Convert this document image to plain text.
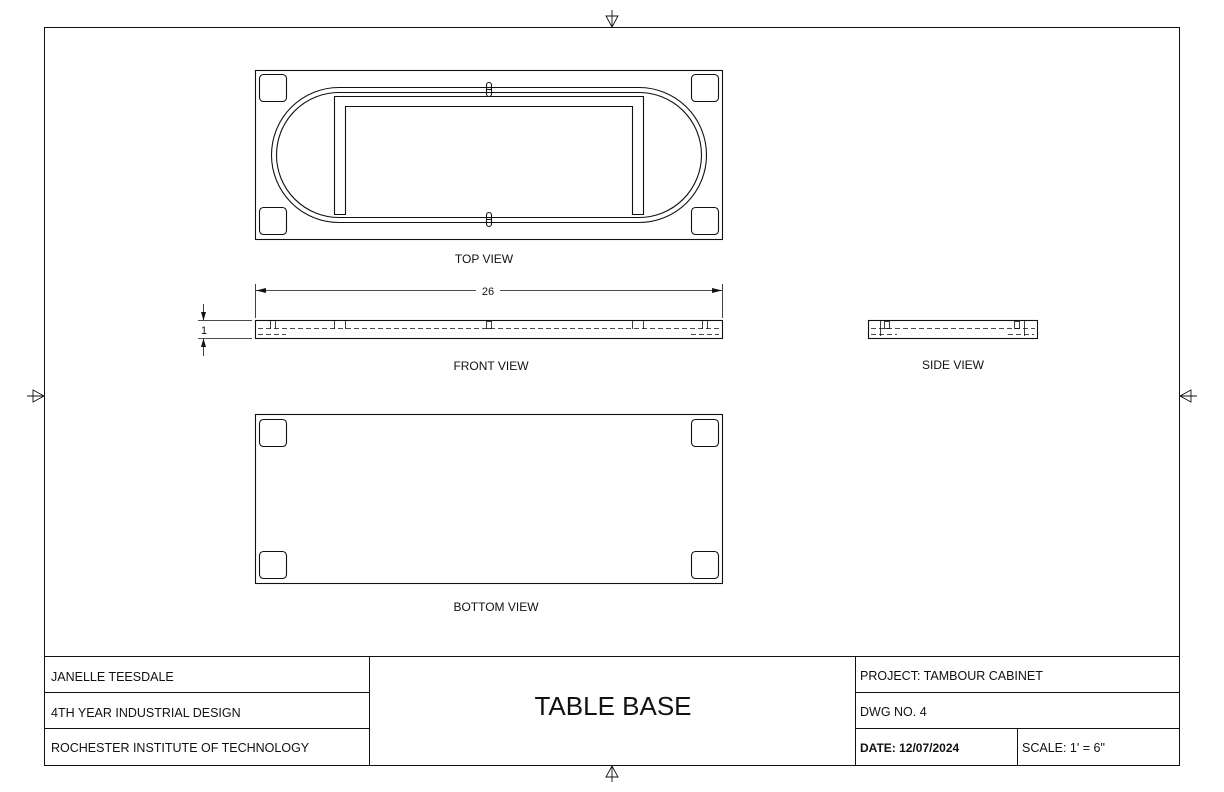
TOP VIEW
26
1
FRONT VIEW	SIDE VIEW
BOTTOM VIEW
JANELLE TEESDALE
4TH YEAR INDUSTRIAL DESIGN
ROCHESTER INSTITUTE OF TECHNOLOGY
TABLE BASE
PROJECT: TAMBOUR CABINET
DWG NO. 4
DATE: 12/07/2024	SCALE: 1' = 6"
